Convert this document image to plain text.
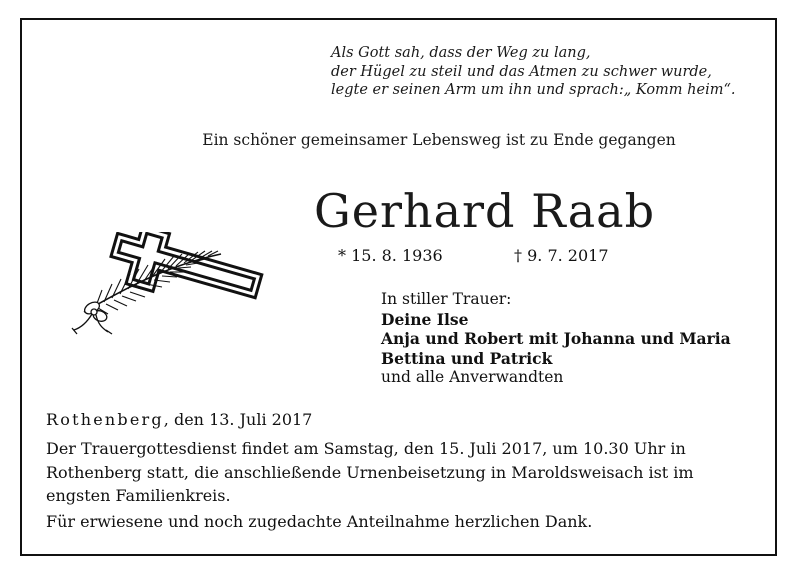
Als Gott sah, dass der Weg zu lang,
der Hügel zu steil und das Atmen zu schwer wurde,
legte er seinen Arm um ihn und sprach:„ Komm heim“.
Ein schöner gemeinsamer Lebensweg ist zu Ende gegangen
Gerhard Raab
* 15. 8. 1936	† 9. 7. 2017
In stiller Trauer:
Deine Ilse
Anja und Robert mit Johanna und Maria
Bettina und Patrick
und alle Anverwandten
Rothenberg, den 13. Juli 2017
Der Trauergottesdienst findet am Samstag, den 15. Juli 2017, um 10.30 Uhr in
Rothenberg statt, die anschließende Urnenbeisetzung in Maroldsweisach ist im
engsten Familienkreis.
Für erwiesene und noch zugedachte Anteilnahme herzlichen Dank.
